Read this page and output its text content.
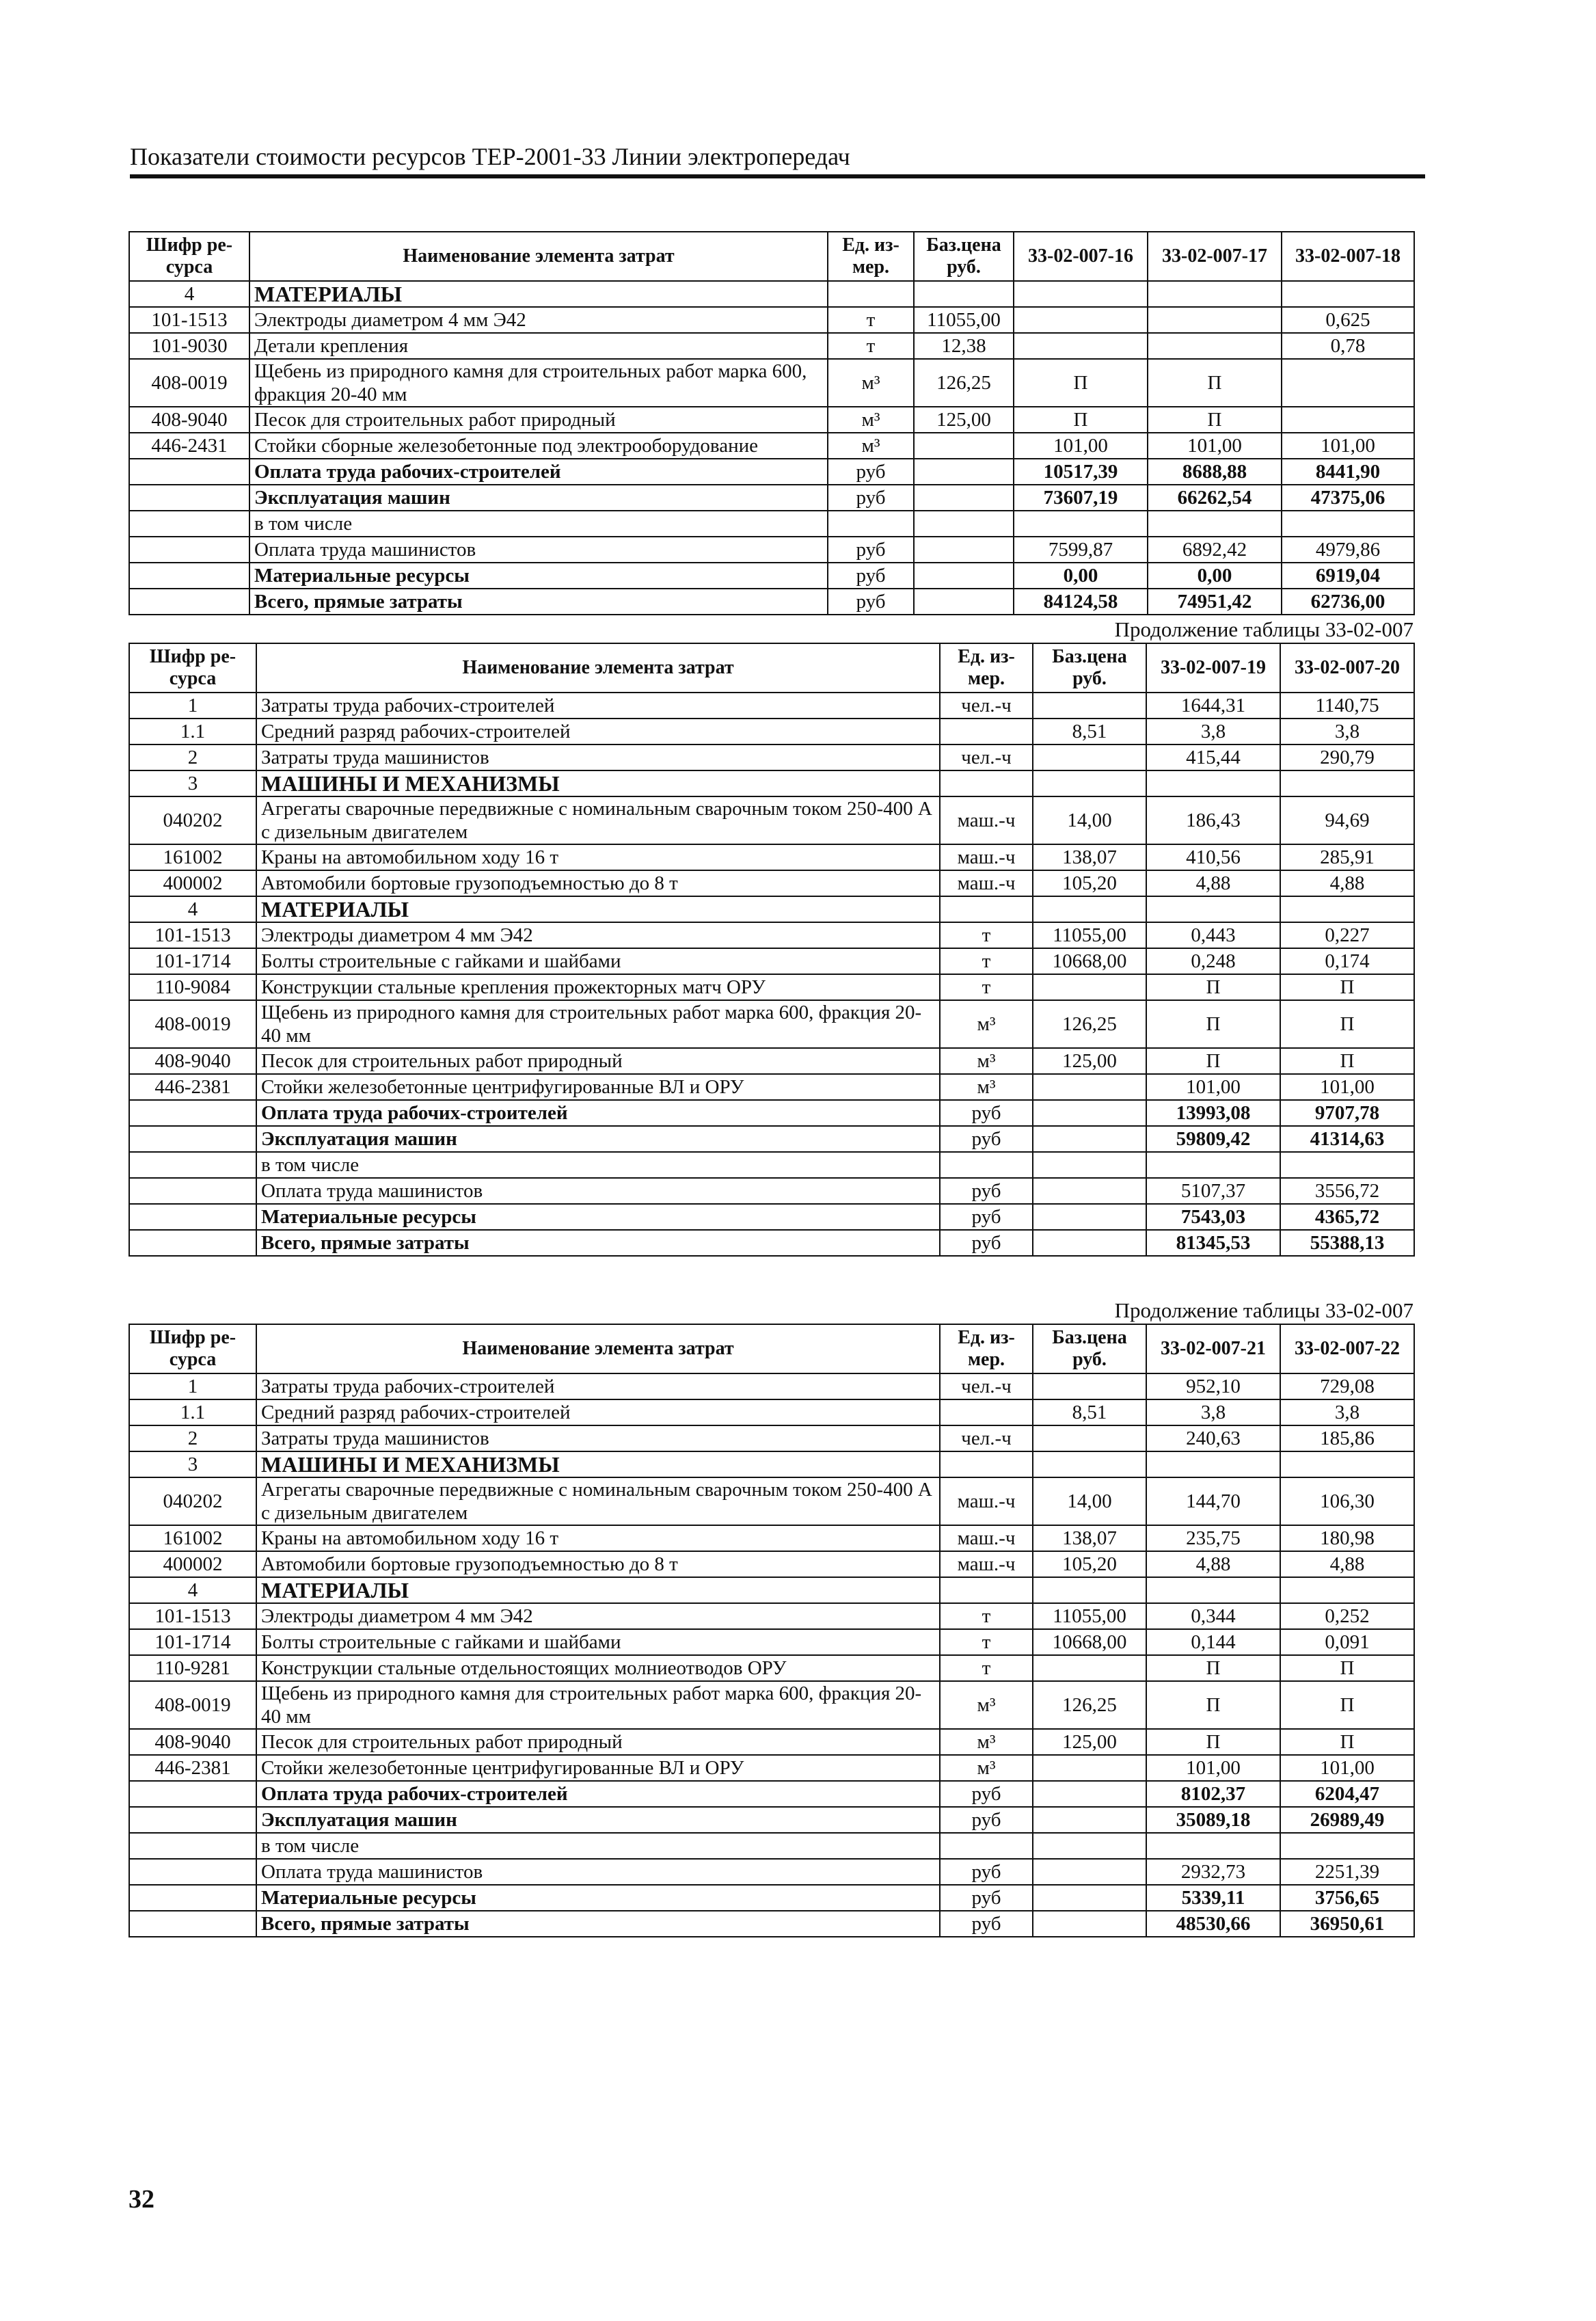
Показатели стоимости ресурсов ТЕР-2001-33 Линии электропередач
Шифр ре-сурса	Наименование элемента затрат	Ед. из-мер.	Баз.цена руб.	33-02-007-16	33-02-007-17	33-02-007-18
4	МАТЕРИАЛЫ					
101-1513	Электроды диаметром 4 мм Э42	т	11055,00			0,625
101-9030	Детали крепления	т	12,38			0,78
408-0019	Щебень из природного камня для строительных работ марка 600, фракция 20-40 мм	м³	126,25	П	П	
408-9040	Песок для строительных работ природный	м³	125,00	П	П	
446-2431	Стойки сборные железобетонные под электрооборудование	м³		101,00	101,00	101,00
	Оплата труда рабочих-строителей	руб		10517,39	8688,88	8441,90
	Эксплуатация машин	руб		73607,19	66262,54	47375,06
	в том числе					
	Оплата труда машинистов	руб		7599,87	6892,42	4979,86
	Материальные ресурсы	руб		0,00	0,00	6919,04
	Всего, прямые затраты	руб		84124,58	74951,42	62736,00
Продолжение таблицы 33-02-007
Шифр ре-сурса	Наименование элемента затрат	Ед. из-мер.	Баз.цена руб.	33-02-007-19	33-02-007-20
1	Затраты труда рабочих-строителей	чел.-ч		1644,31	1140,75
1.1	Средний разряд рабочих-строителей		8,51	3,8	3,8
2	Затраты труда машинистов	чел.-ч		415,44	290,79
3	МАШИНЫ И МЕХАНИЗМЫ				
040202	Агрегаты сварочные передвижные с номинальным сварочным током 250-400 А с дизельным двигателем	маш.-ч	14,00	186,43	94,69
161002	Краны на автомобильном ходу 16 т	маш.-ч	138,07	410,56	285,91
400002	Автомобили бортовые грузоподъемностью до 8 т	маш.-ч	105,20	4,88	4,88
4	МАТЕРИАЛЫ				
101-1513	Электроды диаметром 4 мм Э42	т	11055,00	0,443	0,227
101-1714	Болты строительные с гайками и шайбами	т	10668,00	0,248	0,174
110-9084	Конструкции стальные крепления прожекторных матч ОРУ	т		П	П
408-0019	Щебень из природного камня для строительных работ марка 600, фракция 20-40 мм	м³	126,25	П	П
408-9040	Песок для строительных работ природный	м³	125,00	П	П
446-2381	Стойки железобетонные центрифугированные ВЛ и ОРУ	м³		101,00	101,00
	Оплата труда рабочих-строителей	руб		13993,08	9707,78
	Эксплуатация машин	руб		59809,42	41314,63
	в том числе				
	Оплата труда машинистов	руб		5107,37	3556,72
	Материальные ресурсы	руб		7543,03	4365,72
	Всего, прямые затраты	руб		81345,53	55388,13
Продолжение таблицы 33-02-007
Шифр ре-сурса	Наименование элемента затрат	Ед. из-мер.	Баз.цена руб.	33-02-007-21	33-02-007-22
1	Затраты труда рабочих-строителей	чел.-ч		952,10	729,08
1.1	Средний разряд рабочих-строителей		8,51	3,8	3,8
2	Затраты труда машинистов	чел.-ч		240,63	185,86
3	МАШИНЫ И МЕХАНИЗМЫ				
040202	Агрегаты сварочные передвижные с номинальным сварочным током 250-400 А с дизельным двигателем	маш.-ч	14,00	144,70	106,30
161002	Краны на автомобильном ходу 16 т	маш.-ч	138,07	235,75	180,98
400002	Автомобили бортовые грузоподъемностью до 8 т	маш.-ч	105,20	4,88	4,88
4	МАТЕРИАЛЫ				
101-1513	Электроды диаметром 4 мм Э42	т	11055,00	0,344	0,252
101-1714	Болты строительные с гайками и шайбами	т	10668,00	0,144	0,091
110-9281	Конструкции стальные отдельностоящих молниеотводов ОРУ	т		П	П
408-0019	Щебень из природного камня для строительных работ марка 600, фракция 20-40 мм	м³	126,25	П	П
408-9040	Песок для строительных работ природный	м³	125,00	П	П
446-2381	Стойки железобетонные центрифугированные ВЛ и ОРУ	м³		101,00	101,00
	Оплата труда рабочих-строителей	руб		8102,37	6204,47
	Эксплуатация машин	руб		35089,18	26989,49
	в том числе				
	Оплата труда машинистов	руб		2932,73	2251,39
	Материальные ресурсы	руб		5339,11	3756,65
	Всего, прямые затраты	руб		48530,66	36950,61
32
